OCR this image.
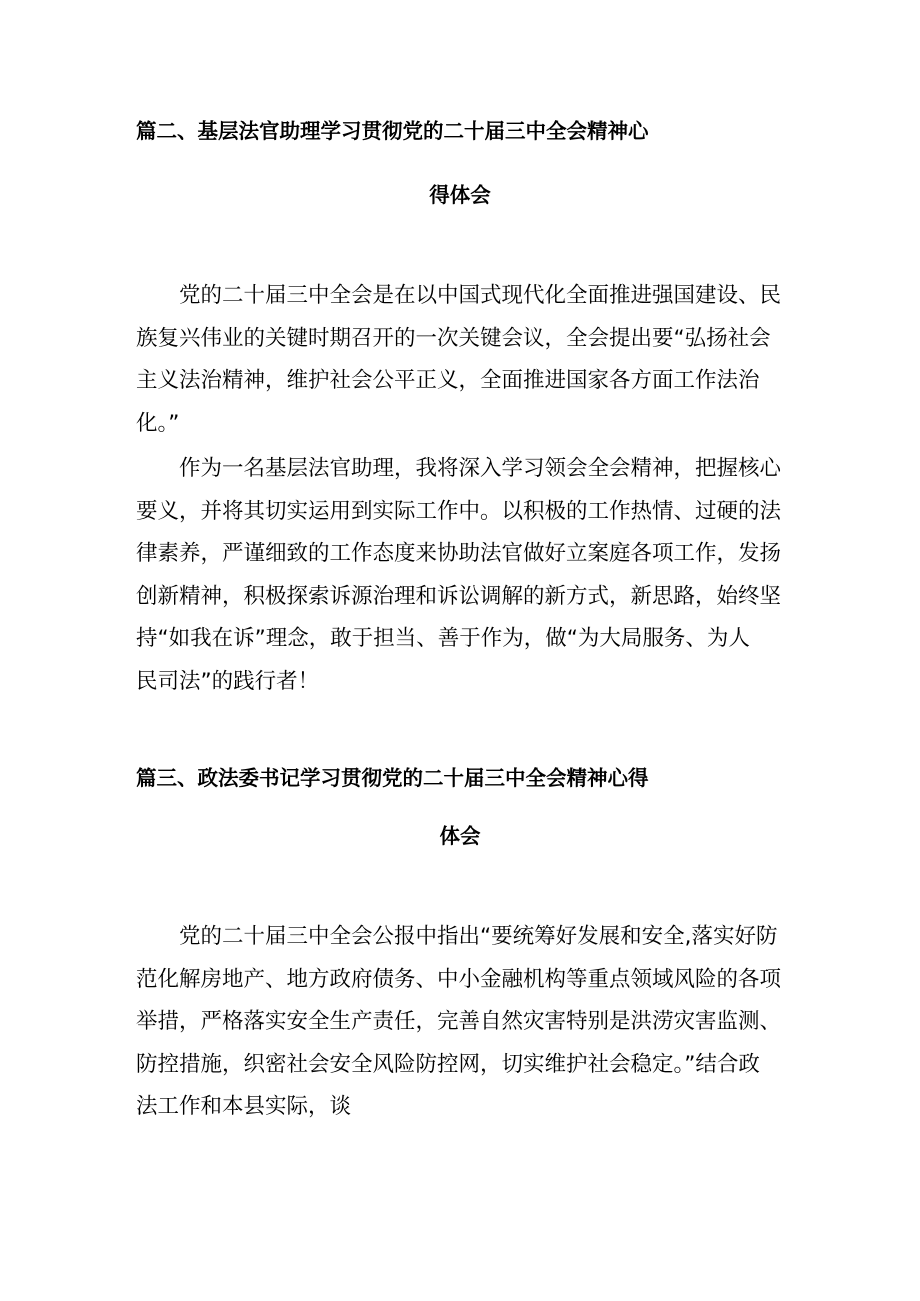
篇二、基层法官助理学习贯彻党的二十届三中全会精神心
得体会
党的二十届三中全会是在以中国式现代化全面推进强国建设、民
族复兴伟业的关键时期召开的一次关键会议，全会提出要“弘扬社会
主义法治精神，维护社会公平正义，全面推进国家各方面工作法治
化。”
作为一名基层法官助理，我将深入学习领会全会精神，把握核心
要义，并将其切实运用到实际工作中。以积极的工作热情、过硬的法
律素养，严谨细致的工作态度来协助法官做好立案庭各项工作，发扬
创新精神，积极探索诉源治理和诉讼调解的新方式，新思路，始终坚
持“如我在诉”理念，敢于担当、善于作为，做“为大局服务、为人
民司法”的践行者！
篇三、政法委书记学习贯彻党的二十届三中全会精神心得
体会
党的二十届三中全会公报中指出“要统筹好发展和安全,落实好防
范化解房地产、地方政府债务、中小金融机构等重点领域风险的各项
举措，严格落实安全生产责任，完善自然灾害特别是洪涝灾害监测、
防控措施，织密社会安全风险防控网，切实维护社会稳定。”结合政
法工作和本县实际，谈
